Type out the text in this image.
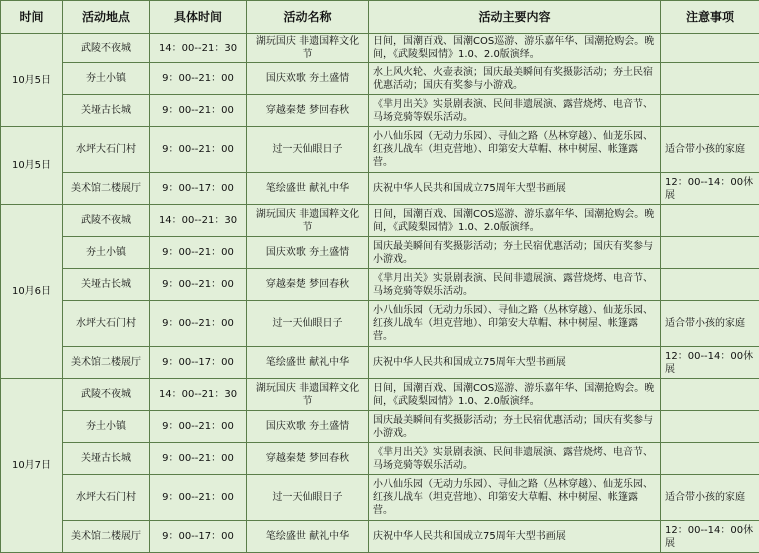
时间	活动地点	具体时间	活动名称	活动主要内容	注意事项
10月5日	武陵不夜城	14：00--21：30	湖玩国庆 非遗国粹文化节	日间，国潮百戏、国潮COS巡游、游乐嘉年华、国潮抢购会。晚间，《武陵梨园情》1.0、2.0版演绎。	
	夯土小镇	9：00--21：00	国庆欢歌 夯土盛情	水上风火轮、火壶表演；国庆最美瞬间有奖摄影活动；夯土民宿优惠活动；国庆有奖参与小游戏。	
	关垭古长城	9：00--21：00	穿越秦楚 梦回春秋	《芈月出关》实景剧表演、民间非遗展演、露营烧烤、电音节、马场竞骑等娱乐活动。	
10月5日	水坪大石门村	9：00--21：00	过一天仙眼日子	小八仙乐园（无动力乐园）、寻仙之路（丛林穿越）、仙茏乐园、红孩儿战车（坦克营地）、印第安大草帽、林中树屋、帐篷露营。	适合带小孩的家庭
	美术馆二楼展厅	9：00--17：00	笔绘盛世 献礼中华	庆祝中华人民共和国成立75周年大型书画展	12：00--14：00休展
10月6日	武陵不夜城	14：00--21：30	湖玩国庆 非遗国粹文化节	日间，国潮百戏、国潮COS巡游、游乐嘉年华、国潮抢购会。晚间，《武陵梨园情》1.0、2.0版演绎。	
	夯土小镇	9：00--21：00	国庆欢歌 夯土盛情	国庆最美瞬间有奖摄影活动；夯土民宿优惠活动；国庆有奖参与小游戏。	
	关垭古长城	9：00--21：00	穿越秦楚 梦回春秋	《芈月出关》实景剧表演、民间非遗展演、露营烧烤、电音节、马场竞骑等娱乐活动。	
	水坪大石门村	9：00--21：00	过一天仙眼日子	小八仙乐园（无动力乐园）、寻仙之路（丛林穿越）、仙茏乐园、红孩儿战车（坦克营地）、印第安大草帽、林中树屋、帐篷露营。	适合带小孩的家庭
	美术馆二楼展厅	9：00--17：00	笔绘盛世 献礼中华	庆祝中华人民共和国成立75周年大型书画展	12：00--14：00休展
10月7日	武陵不夜城	14：00--21：30	湖玩国庆 非遗国粹文化节	日间，国潮百戏、国潮COS巡游、游乐嘉年华、国潮抢购会。晚间，《武陵梨园情》1.0、2.0版演绎。	
	夯土小镇	9：00--21：00	国庆欢歌 夯土盛情	国庆最美瞬间有奖摄影活动；夯土民宿优惠活动；国庆有奖参与小游戏。	
	关垭古长城	9：00--21：00	穿越秦楚 梦回春秋	《芈月出关》实景剧表演、民间非遗展演、露营烧烤、电音节、马场竞骑等娱乐活动。	
	水坪大石门村	9：00--21：00	过一天仙眼日子	小八仙乐园（无动力乐园）、寻仙之路（丛林穿越）、仙茏乐园、红孩儿战车（坦克营地）、印第安大草帽、林中树屋、帐篷露营。	适合带小孩的家庭
	美术馆二楼展厅	9：00--17：00	笔绘盛世 献礼中华	庆祝中华人民共和国成立75周年大型书画展	12：00--14：00休展
